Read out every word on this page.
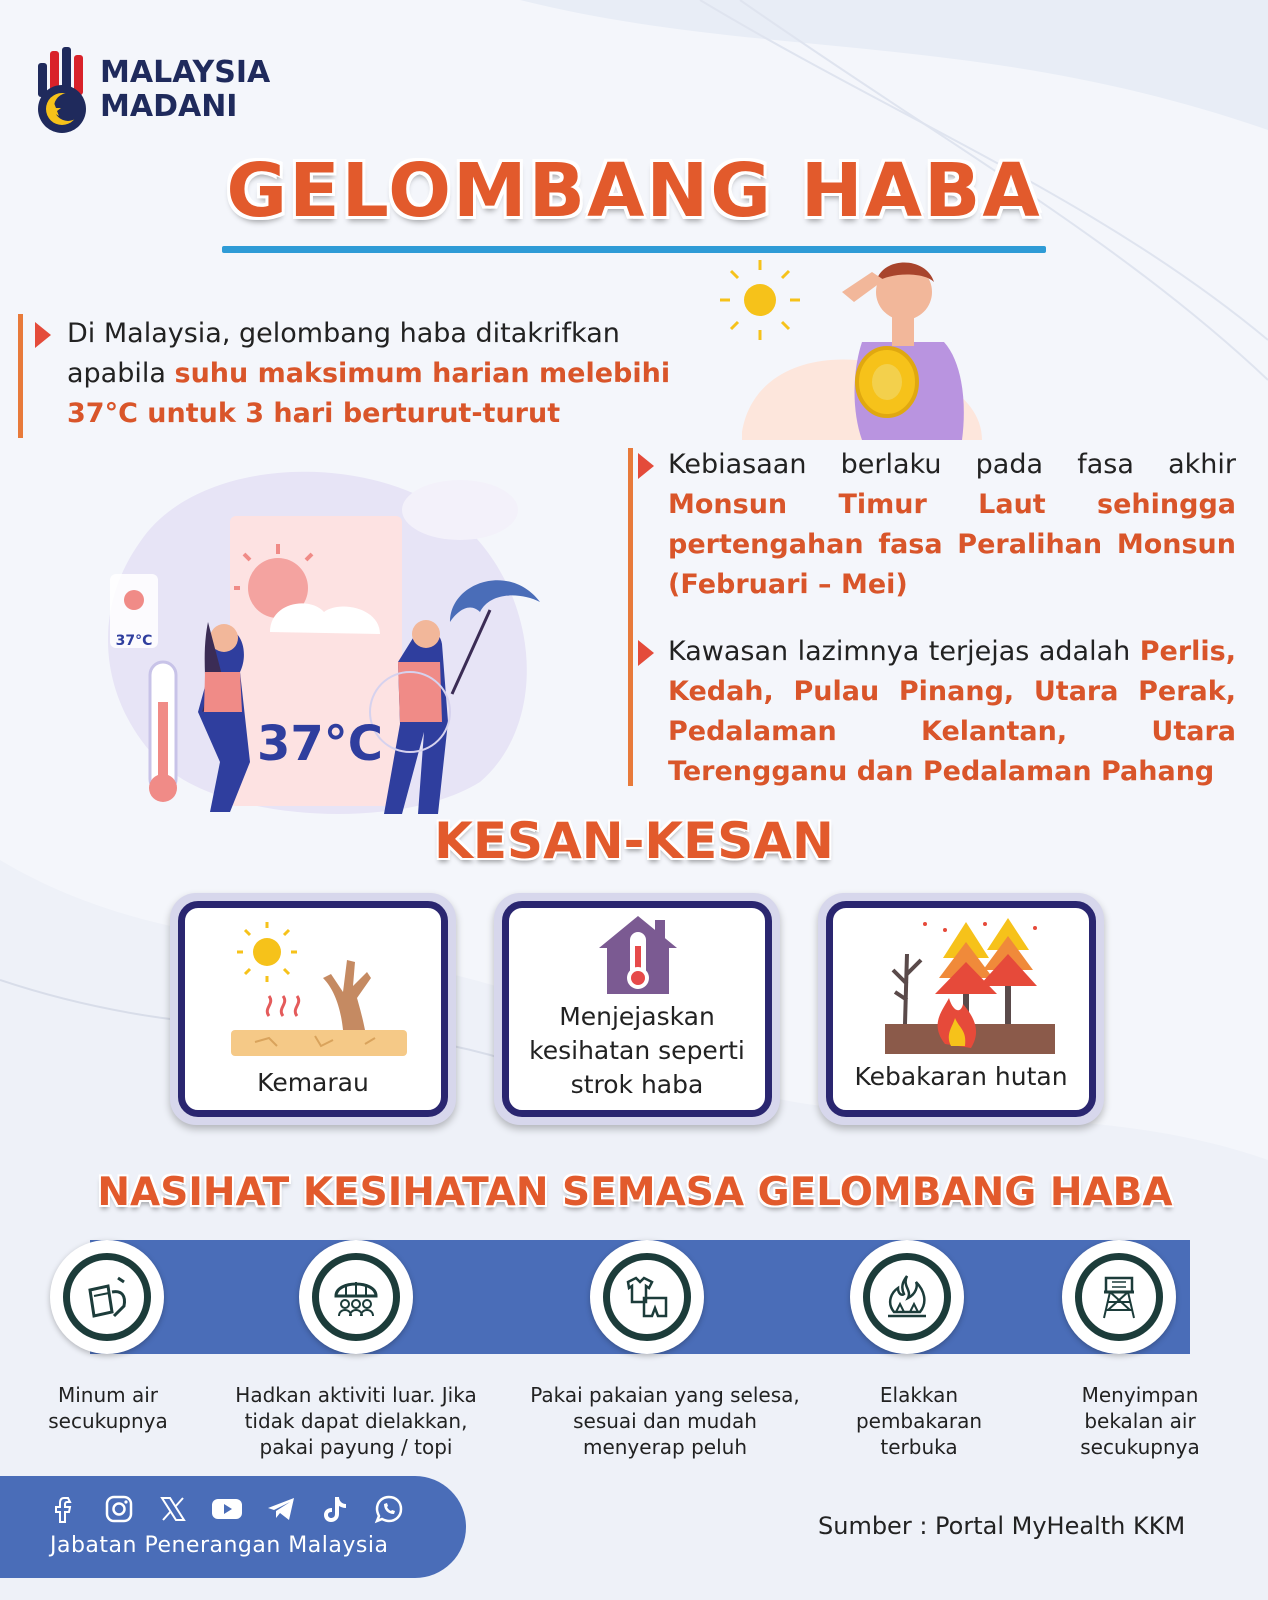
MALAYSIA
MADANI
GELOMBANG HABA
Di Malaysia, gelombang haba ditakrifkan apabila suhu maksimum harian melebihi 37°C untuk 3 hari berturut-turut
37°C
37°C
Kebiasaan berlaku pada fasa akhir Monsun Timur Laut sehingga pertengahan fasa Peralihan Monsun (Februari – Mei)
Kawasan lazimnya terjejas adalah Perlis, Kedah, Pulau Pinang, Utara Perak, Pedalaman Kelantan, Utara Terengganu dan Pedalaman Pahang
KESAN-KESAN
Kemarau
Menjejaskan kesihatan seperti strok haba	Kebakaran hutan
NASIHAT KESIHATAN SEMASA GELOMBANG HABA
Minum air secukupnya
Hadkan aktiviti luar. Jika tidak dapat dielakkan, pakai payung / topi
Pakai pakaian yang selesa, sesuai dan mudah menyerap peluh
Elakkan pembakaran terbuka
Menyimpan bekalan air secukupnya
Jabatan Penerangan Malaysia
Sumber : Portal MyHealth KKM
